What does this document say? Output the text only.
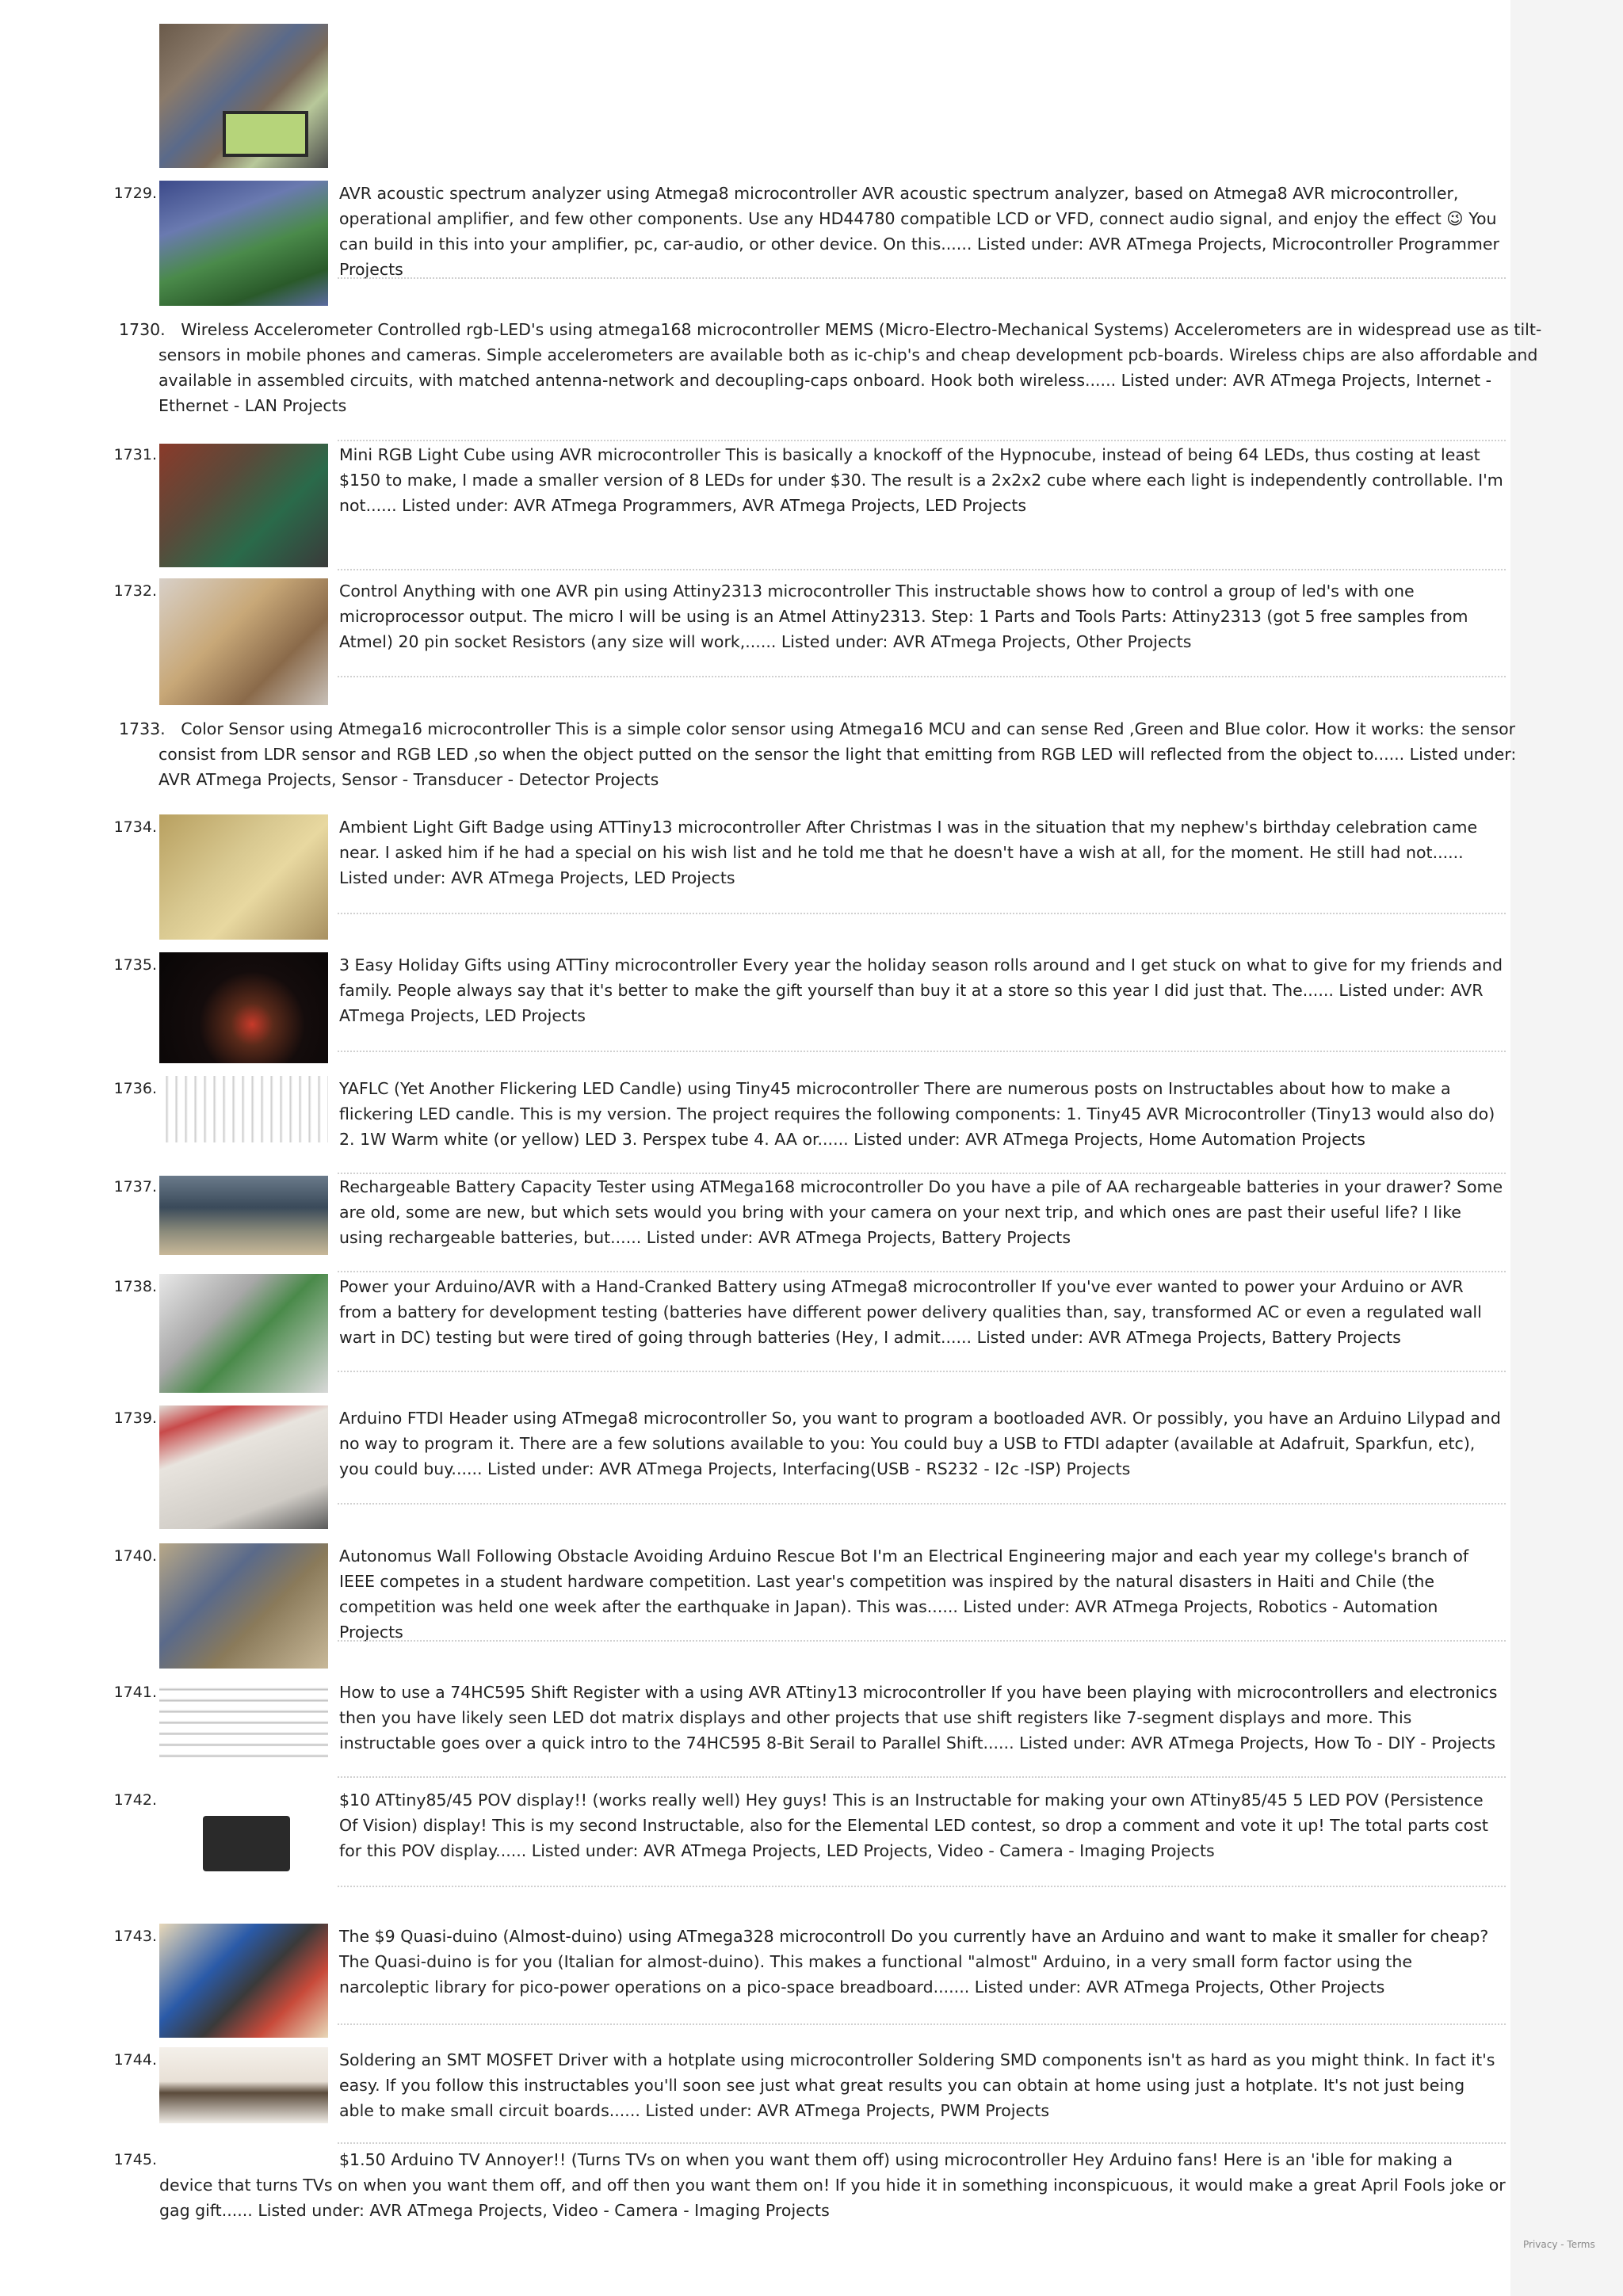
1729.	AVR acoustic spectrum analyzer using Atmega8 microcontroller AVR acoustic spectrum analyzer, based on Atmega8 AVR microcontroller, operational amplifier, and few other components. Use any HD44780 compatible LCD or VFD, connect audio signal, and enjoy the effect 😉 You can build in this into your amplifier, pc, car-audio, or other device. On this...... Listed under: AVR ATmega Projects, Microcontroller Programmer Projects
1730. Wireless Accelerometer Controlled rgb-LED's using atmega168 microcontroller MEMS (Micro-Electro-Mechanical Systems) Accelerometers are in widespread use as tilt-sensors in mobile phones and cameras. Simple accelerometers are available both as ic-chip's and cheap development pcb-boards. Wireless chips are also affordable and available in assembled circuits, with matched antenna-network and decoupling-caps onboard. Hook both wireless...... Listed under: AVR ATmega Projects, Internet - Ethernet - LAN Projects
1731.	Mini RGB Light Cube using AVR microcontroller This is basically a knockoff of the Hypnocube, instead of being 64 LEDs, thus costing at least $150 to make, I made a smaller version of 8 LEDs for under $30. The result is a 2x2x2 cube where each light is independently controllable. I'm not...... Listed under: AVR ATmega Programmers, AVR ATmega Projects, LED Projects
1732.	Control Anything with one AVR pin using Attiny2313 microcontroller This instructable shows how to control a group of led's with one microprocessor output. The micro I will be using is an Atmel Attiny2313. Step: 1 Parts and Tools Parts: Attiny2313 (got 5 free samples from Atmel) 20 pin socket Resistors (any size will work,...... Listed under: AVR ATmega Projects, Other Projects
1733. Color Sensor using Atmega16 microcontroller This is a simple color sensor using Atmega16 MCU and can sense Red ,Green and Blue color. How it works: the sensor consist from LDR sensor and RGB LED ,so when the object putted on the sensor the light that emitting from RGB LED will reflected from the object to...... Listed under: AVR ATmega Projects, Sensor - Transducer - Detector Projects
1734.	Ambient Light Gift Badge using ATTiny13 microcontroller After Christmas I was in the situation that my nephew's birthday celebration came near. I asked him if he had a special on his wish list and he told me that he doesn't have a wish at all, for the moment. He still had not...... Listed under: AVR ATmega Projects, LED Projects
1735.	3 Easy Holiday Gifts using ATTiny microcontroller Every year the holiday season rolls around and I get stuck on what to give for my friends and family. People always say that it's better to make the gift yourself than buy it at a store so this year I did just that. The...... Listed under: AVR ATmega Projects, LED Projects
1736.	YAFLC (Yet Another Flickering LED Candle) using Tiny45 microcontroller There are numerous posts on Instructables about how to make a flickering LED candle. This is my version. The project requires the following components: 1. Tiny45 AVR Microcontroller (Tiny13 would also do) 2. 1W Warm white (or yellow) LED 3. Perspex tube 4. AA or...... Listed under: AVR ATmega Projects, Home Automation Projects
1737.	Rechargeable Battery Capacity Tester using ATMega168 microcontroller Do you have a pile of AA rechargeable batteries in your drawer? Some are old, some are new, but which sets would you bring with your camera on your next trip, and which ones are past their useful life? I like using rechargeable batteries, but...... Listed under: AVR ATmega Projects, Battery Projects
1738.	Power your Arduino/AVR with a Hand-Cranked Battery using ATmega8 microcontroller If you've ever wanted to power your Arduino or AVR from a battery for development testing (batteries have different power delivery qualities than, say, transformed AC or even a regulated wall wart in DC) testing but were tired of going through batteries (Hey, I admit...... Listed under: AVR ATmega Projects, Battery Projects
1739.	Arduino FTDI Header using ATmega8 microcontroller So, you want to program a bootloaded AVR. Or possibly, you have an Arduino Lilypad and no way to program it. There are a few solutions available to you: You could buy a USB to FTDI adapter (available at Adafruit, Sparkfun, etc), you could buy...... Listed under: AVR ATmega Projects, Interfacing(USB - RS232 - I2c -ISP) Projects
1740.	Autonomus Wall Following Obstacle Avoiding Arduino Rescue Bot I'm an Electrical Engineering major and each year my college's branch of IEEE competes in a student hardware competition. Last year's competition was inspired by the natural disasters in Haiti and Chile (the competition was held one week after the earthquake in Japan). This was...... Listed under: AVR ATmega Projects, Robotics - Automation Projects
1741.	How to use a 74HC595 Shift Register with a using AVR ATtiny13 microcontroller If you have been playing with microcontrollers and electronics then you have likely seen LED dot matrix displays and other projects that use shift registers like 7-segment displays and more. This instructable goes over a quick intro to the 74HC595 8-Bit Serail to Parallel Shift...... Listed under: AVR ATmega Projects, How To - DIY - Projects
1742.	$10 ATtiny85/45 POV display!! (works really well) Hey guys! This is an Instructable for making your own ATtiny85/45 5 LED POV (Persistence Of Vision) display! This is my second Instructable, also for the Elemental LED contest, so drop a comment and vote it up! The total parts cost for this POV display...... Listed under: AVR ATmega Projects, LED Projects, Video - Camera - Imaging Projects
1743.	The $9 Quasi-duino (Almost-duino) using ATmega328 microcontroll Do you currently have an Arduino and want to make it smaller for cheap? The Quasi-duino is for you (Italian for almost-duino). This makes a functional "almost" Arduino, in a very small form factor using the narcoleptic library for pico-power operations on a pico-space breadboard....... Listed under: AVR ATmega Projects, Other Projects
1744.	Soldering an SMT MOSFET Driver with a hotplate using microcontroller Soldering SMD components isn't as hard as you might think. In fact it's easy. If you follow this instructables you'll soon see just what great results you can obtain at home using just a hotplate. It's not just being able to make small circuit boards...... Listed under: AVR ATmega Projects, PWM Projects
1745.	$1.50 Arduino TV Annoyer!! (Turns TVs on when you want them off) using microcontroller Hey Arduino fans! Here is an 'ible for making a device that turns TVs on when you want them off, and off then you want them on! If you hide it in something inconspicuous, it would make a great April Fools joke or gag gift...... Listed under: AVR ATmega Projects, Video - Camera - Imaging Projects
Privacy - Terms
